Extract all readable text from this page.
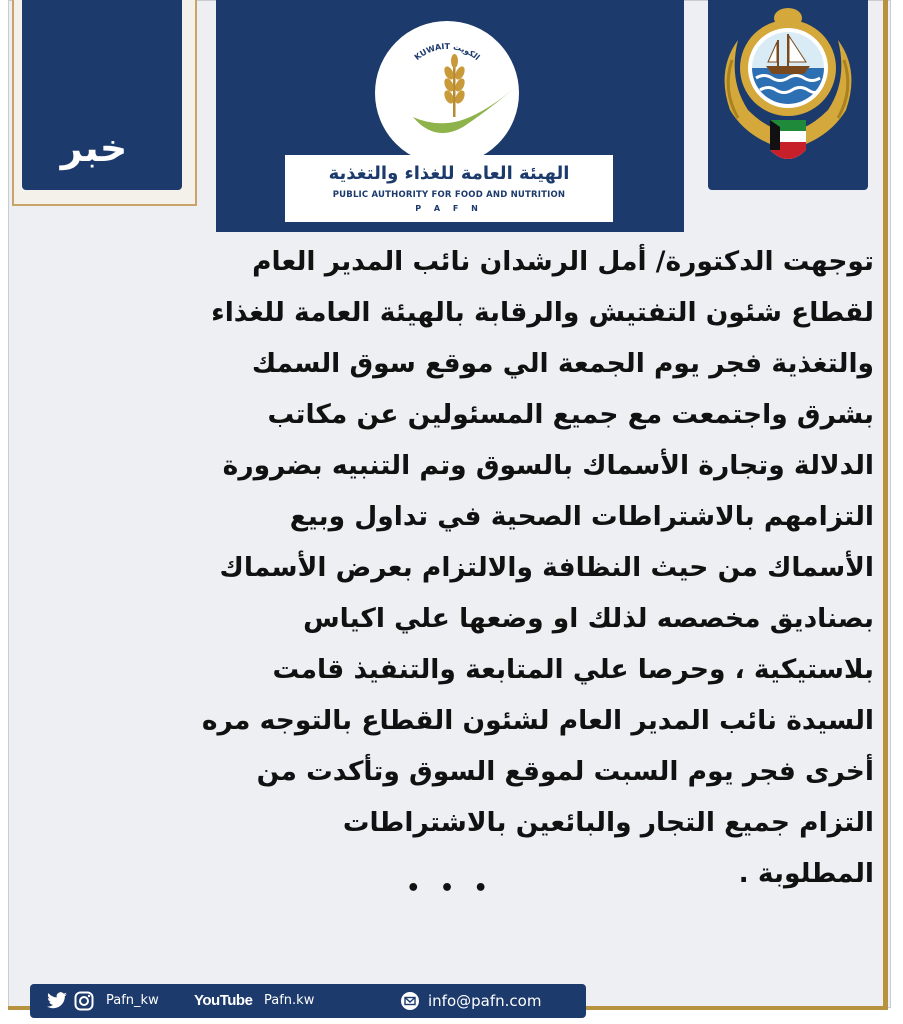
خبر
KUWAIT الكويت
الهيئة العامة للغذاء والتغذية
PUBLIC AUTHORITY FOR FOOD AND NUTRITION
P A F N
توجهت الدكتورة/ أمل الرشدان نائب المدير العام
لقطاع شئون التفتيش والرقابة بالهيئة العامة للغذاء
والتغذية فجر يوم الجمعة الي موقع سوق السمك
بشرق واجتمعت مع جميع المسئولين عن مكاتب
الدلالة وتجارة الأسماك بالسوق وتم التنبيه بضرورة
التزامهم بالاشتراطات الصحية في تداول وبيع
الأسماك من حيث النظافة والالتزام بعرض الأسماك
بصناديق مخصصه لذلك او وضعها علي اكياس
بلاستيكية ، وحرصا علي المتابعة والتنفيذ قامت
السيدة نائب المدير العام لشئون القطاع بالتوجه مره
أخرى فجر يوم السبت لموقع السوق وتأكدت من
التزام جميع التجار والبائعين بالاشتراطات
المطلوبة .
• • •
Pafn_kw YouTube Pafn.kw	info@pafn.com
